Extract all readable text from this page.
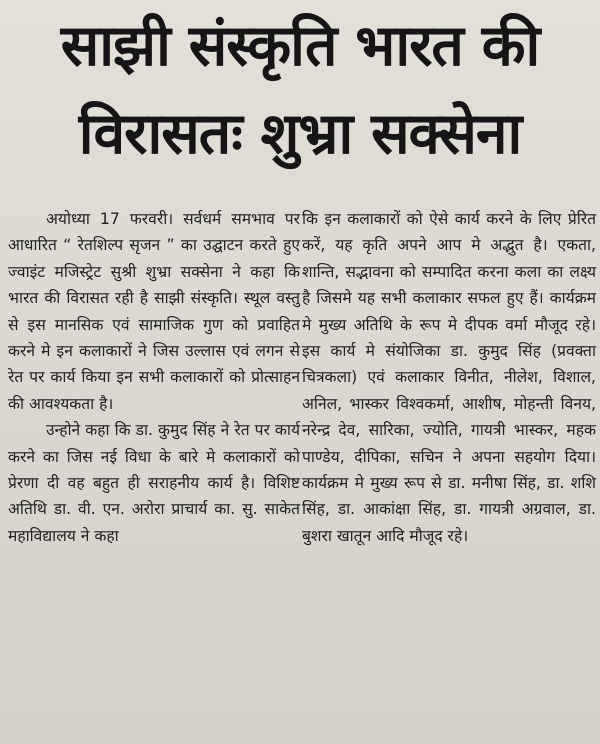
साझी संस्कृति भारत की
विरासतः शुभ्रा सक्सेना

अयोध्या 17 फरवरी। सर्वधर्म समभाव पर आधारित “ रेतशिल्प सृजन ” का उद्घाटन करते हुए ज्वाइंट मजिस्ट्रेट सुश्री शुभ्रा सक्सेना ने कहा कि भारत की विरासत रही है साझी संस्कृति। स्थूल वस्तु से इस मानसिक एवं सामाजिक गुण को प्रवाहित करने मे इन कलाकारों ने जिस उल्लास एवं लगन से रेत पर कार्य किया इन सभी कलाकारों को प्रोत्साहन की आवश्यकता है।

उन्होने कहा कि डा. कुमुद सिंह ने रेत पर कार्य करने का जिस नई विधा के बारे मे कलाकारों को प्रेरणा दी वह बहुत ही सराहनीय कार्य है। विशिष्ट अतिथि डा. वी. एन. अरोरा प्राचार्य का. सु. साकेत महाविद्यालय ने कहा

कि इन कलाकारों को ऐसे कार्य करने के लिए प्रेरित करें, यह कृति अपने आप मे अद्भुत है। एकता, शान्ति, सद्भावना को सम्पादित करना कला का लक्ष्य है जिसमे यह सभी कलाकार सफल हुए हैं। कार्यक्रम मे मुख्य अतिथि के रूप मे दीपक वर्मा मौजूद रहे। इस कार्य मे संयोजिका डा. कुमुद सिंह (प्रवक्ता चित्रकला) एवं कलाकार विनीत, नीलेश, विशाल, अनिल, भास्कर विश्वकर्मा, आशीष, मोहन्ती विनय, नरेन्द्र देव, सारिका, ज्योति, गायत्री भास्कर, महक पाण्डेय, दीपिका, सचिन ने अपना सहयोग दिया। कार्यक्रम मे मुख्य रूप से डा. मनीषा सिंह, डा. शशि सिंह, डा. आकांक्षा सिंह, डा. गायत्री अग्रवाल, डा. बुशरा खातून आदि मौजूद रहे।
